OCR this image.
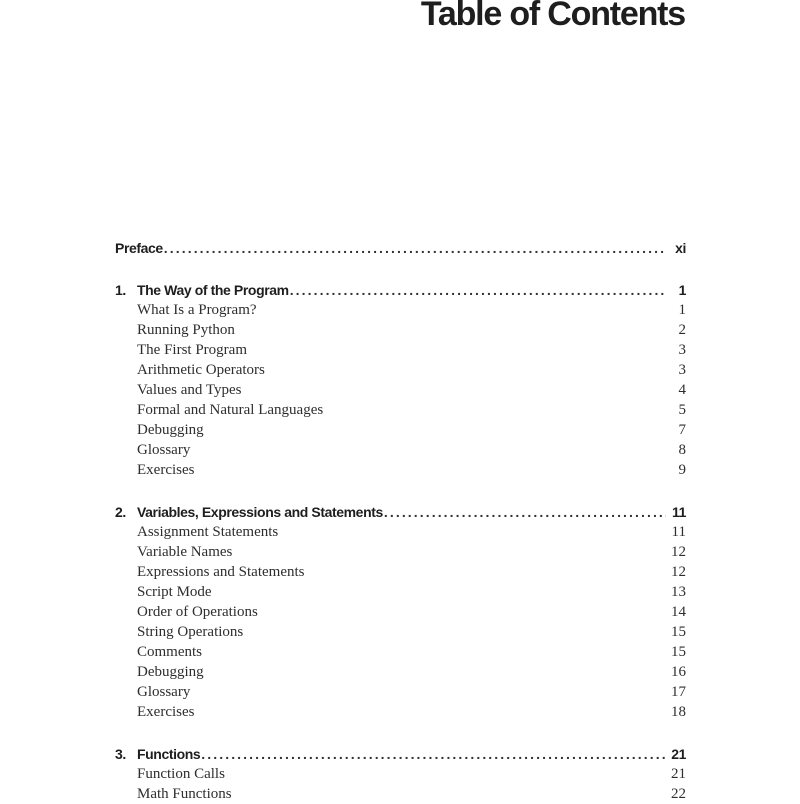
Table of Contents
Preface . . .	xi
1. The Way of the Program . . .	1
What Is a Program?	1
Running Python	2
The First Program	3
Arithmetic Operators	3
Values and Types	4
Formal and Natural Languages	5
Debugging	7
Glossary	8
Exercises	9
2. Variables, Expressions and Statements . . .	11
Assignment Statements	11
Variable Names	12
Expressions and Statements	12
Script Mode	13
Order of Operations	14
String Operations	15
Comments	15
Debugging	16
Glossary	17
Exercises	18
3. Functions . . .	21
Function Calls	21
Math Functions	22
